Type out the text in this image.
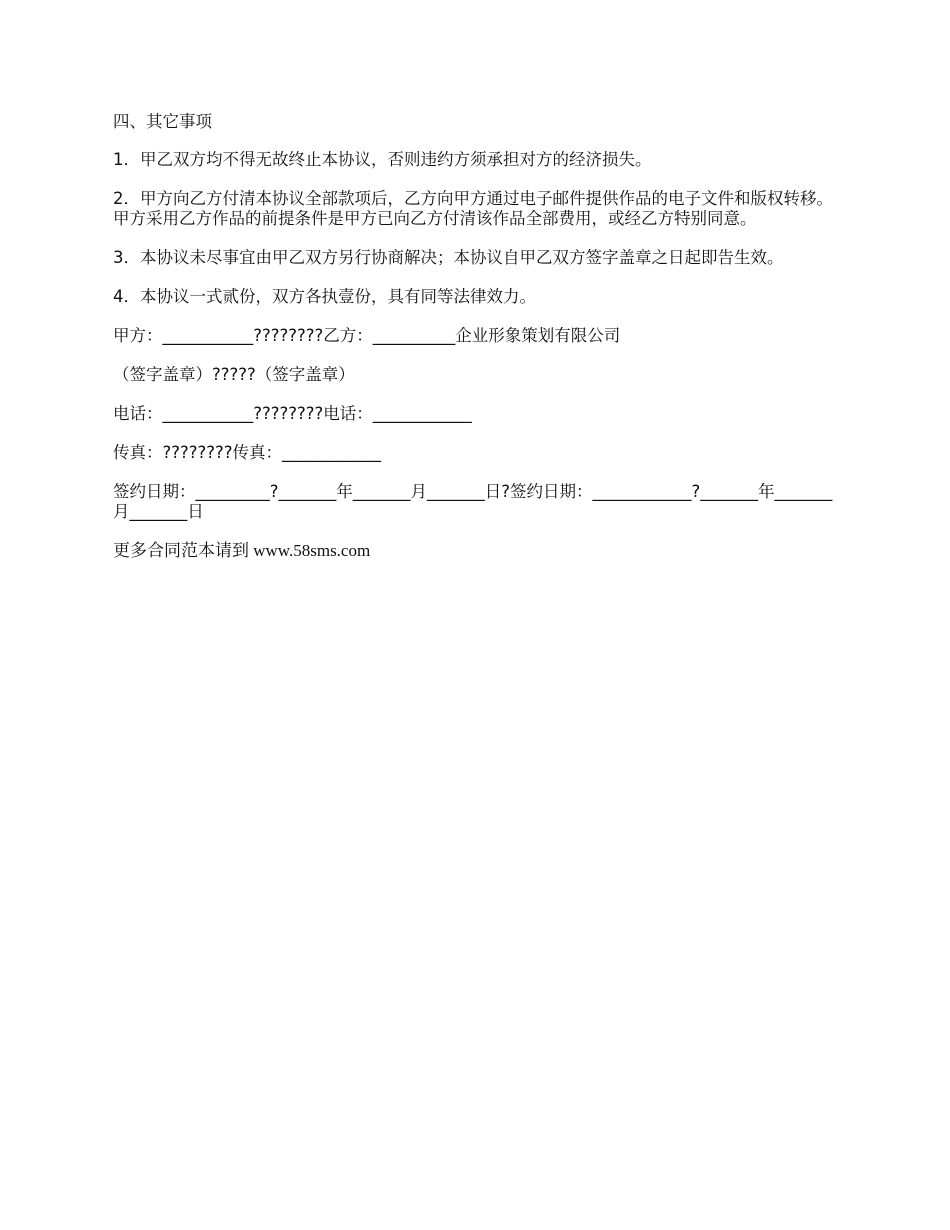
四、其它事项

1．甲乙双方均不得无故终止本协议，否则违约方须承担对方的经济损失。

2．甲方向乙方付清本协议全部款项后，乙方向甲方通过电子邮件提供作品的电子文件和版权转移。甲方采用乙方作品的前提条件是甲方已向乙方付清该作品全部费用，或经乙方特别同意。

3．本协议未尽事宜由甲乙双方另行协商解决；本协议自甲乙双方签字盖章之日起即告生效。

4．本协议一式贰份，双方各执壹份，具有同等法律效力。

甲方：___________????????乙方：__________企业形象策划有限公司

（签字盖章）?????（签字盖章）

电话：___________????????电话：____________

传真：????????传真：____________

签约日期：_________?_______年_______月_______日?签约日期：____________?_______年_______月_______日

更多合同范本请到 www.58sms.com
